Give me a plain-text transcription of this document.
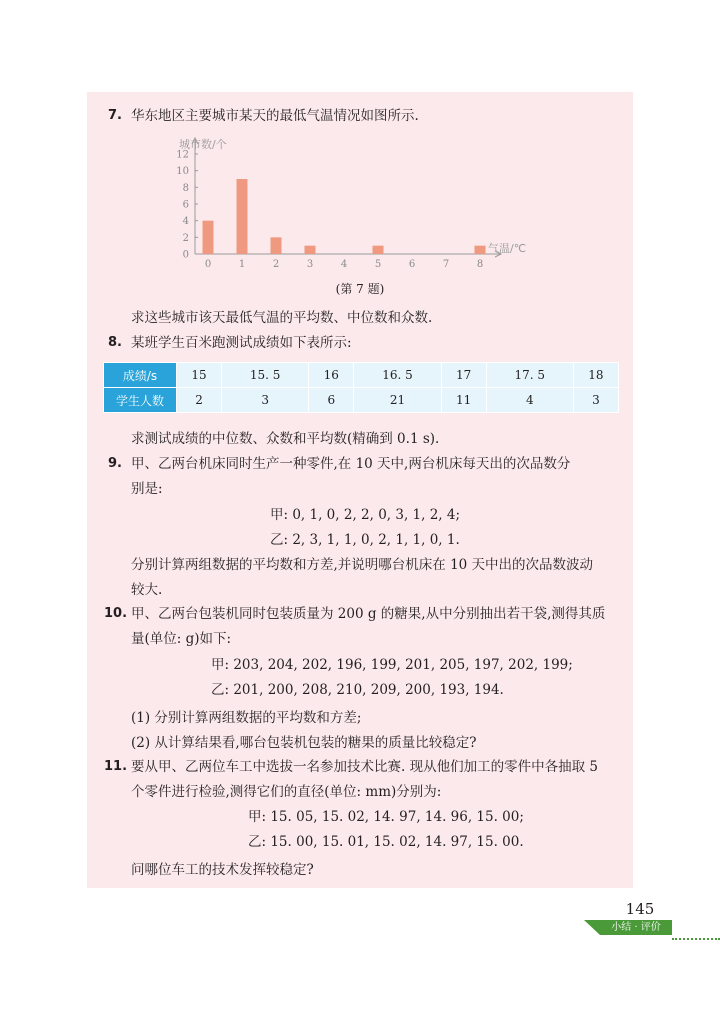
7. 华东地区主要城市某天的最低气温情况如图所示.
0
2
4
6
8
10
12
0	1	2	3	4	5	6	7	8
城市数/个
气温/℃
(第 7 题)
求这些城市该天最低气温的平均数、中位数和众数.
8. 某班学生百米跑测试成绩如下表所示:
成绩/s	15	15. 5	16	16. 5	17	17. 5	18
学生人数	2	3	6	21	11	4	3
求测试成绩的中位数、众数和平均数(精确到 0.1 s).
9. 甲、乙两台机床同时生产一种零件,在 10 天中,两台机床每天出的次品数分
别是:
甲: 0, 1, 0, 2, 2, 0, 3, 1, 2, 4;
乙: 2, 3, 1, 1, 0, 2, 1, 1, 0, 1.
分别计算两组数据的平均数和方差,并说明哪台机床在 10 天中出的次品数波动
较大.
10. 甲、乙两台包装机同时包装质量为 200 g 的糖果,从中分别抽出若干袋,测得其质
量(单位: g)如下:
甲: 203, 204, 202, 196, 199, 201, 205, 197, 202, 199;
乙: 201, 200, 208, 210, 209, 200, 193, 194.
(1) 分别计算两组数据的平均数和方差;
(2) 从计算结果看,哪台包装机包装的糖果的质量比较稳定?
11. 要从甲、乙两位车工中选拔一名参加技术比赛. 现从他们加工的零件中各抽取 5
个零件进行检验,测得它们的直径(单位: mm)分别为:
甲: 15. 05, 15. 02, 14. 97, 14. 96, 15. 00;
乙: 15. 00, 15. 01, 15. 02, 14. 97, 15. 00.
问哪位车工的技术发挥较稳定?
145
小结 · 评价
